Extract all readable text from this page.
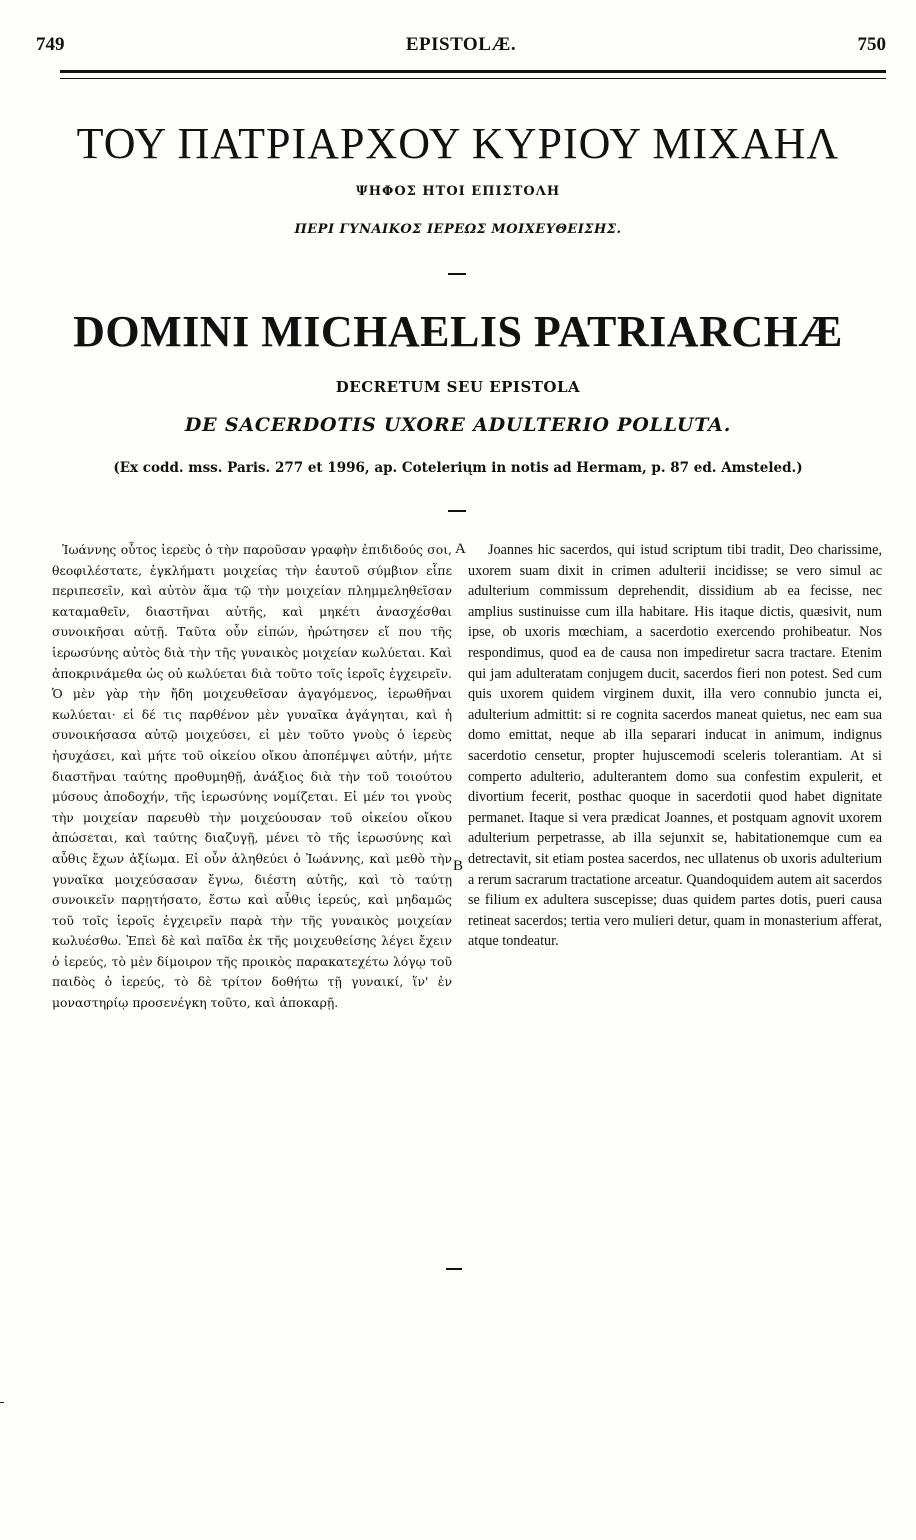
749	EPISTOLÆ.	750
ΤΟΥ ΠΑΤΡΙΑΡΧΟΥ ΚΥΡΙΟΥ ΜΙΧΑΗΛ
ΨΗΦΟΣ ΗΤΟΙ ΕΠΙΣΤΟΛΗ
ΠΕΡΙ ΓΥΝΑΙΚΟΣ ΙΕΡΕΩΣ ΜΟΙΧΕΥΘΕΙΣΗΣ.
DOMINI MICHAELIS PATRIARCHÆ
DECRETUM SEU EPISTOLA
DE SACERDOTIS UXORE ADULTERIO POLLUTA.
(Ex codd. mss. Paris. 277 et 1996, ap. Coteleriųm in notis ad Hermam, p. 87 ed. Amsteled.)

Ἰωάννης οὗτος ἱερεὺς ὁ τὴν παροῦσαν γραφὴν ἐπιδιδούς σοι, θεοφιλέστατε, ἐγκλήματι μοιχείας τὴν ἑαυτοῦ σύμβιον εἶπε περιπεσεῖν, καὶ αὐτὸν ἅμα τῷ τὴν μοιχείαν πλημμεληθεῖσαν καταμαθεῖν, διαστῆναι αὐτῆς, καὶ μηκέτι ἀνασχέσθαι συνοικῆσαι αὐτῇ. Ταῦτα οὖν εἰπών, ἠρώτησεν εἴ που τῆς ἱερωσύνης αὐτὸς διὰ τὴν τῆς γυναικὸς μοιχείαν κωλύεται. Καὶ ἀποκρινάμεθα ὡς οὐ κωλύεται διὰ τοῦτο τοῖς ἱεροῖς ἐγχειρεῖν. Ὁ μὲν γὰρ τὴν ἤδη μοιχευθεῖσαν ἀγαγόμενος, ἱερωθῆναι κωλύεται· εἰ δέ τις παρθένον μὲν γυναῖκα ἀγάγηται, καὶ ἡ συνοικήσασα αὐτῷ μοιχεύσει, εἰ μὲν τοῦτο γνοὺς ὁ ἱερεὺς ἡσυχάσει, καὶ μήτε τοῦ οἰκείου οἴκου ἀποπέμψει αὐτήν, μήτε διαστῆναι ταύτης προθυμηθῇ, ἀνάξιος διὰ τὴν τοῦ τοιούτου μύσους ἀποδοχήν, τῆς ἱερωσύνης νομίζεται. Εἰ μέν τοι γνοὺς τὴν μοιχείαν παρευθὺ τὴν μοιχεύουσαν τοῦ οἰκείου οἴκου ἀπώσεται, καὶ ταύτης διαζυγῇ, μένει τὸ τῆς ἱερωσύνης καὶ αὖθις ἔχων ἀξίωμα. Εἰ οὖν ἀληθεύει ὁ Ἰωάννης, καὶ μεθὸ τὴν γυναῖκα μοιχεύσασαν ἔγνω, διέστη αὐτῆς, καὶ τὸ ταύτῃ συνοικεῖν παρῃτήσατο, ἔστω καὶ αὖθις ἱερεύς, καὶ μηδαμῶς τοῦ τοῖς ἱεροῖς ἐγχειρεῖν παρὰ τὴν τῆς γυναικὸς μοιχείαν κωλυέσθω. Ἐπεὶ δὲ καὶ παῖδα ἐκ τῆς μοιχευθείσης λέγει ἔχειν ὁ ἱερεύς, τὸ μὲν δίμοιρον τῆς προικὸς παρακατεχέτω λόγῳ τοῦ παιδὸς ὁ ἱερεύς, τὸ δὲ τρίτον δοθήτω τῇ γυναικί, ἵν' ἐν μοναστηρίῳ προσενέγκη τοῦτο, καὶ ἀποκαρῇ.

A
B

Joannes hic sacerdos, qui istud scriptum tibi tradit, Deo charissime, uxorem suam dixit in crimen adulterii incidisse; se vero simul ac adulterium commissum deprehendit, dissidium ab ea fecisse, nec amplius sustinuisse cum illa habitare. His itaque dictis, quæsivit, num ipse, ob uxoris mœchiam, a sacerdotio exercendo prohibeatur. Nos respondimus, quod ea de causa non impediretur sacra tractare. Etenim qui jam adulteratam conjugem ducit, sacerdos fieri non potest. Sed cum quis uxorem quidem virginem duxit, illa vero connubio juncta ei, adulterium admittit: si re cognita sacerdos maneat quietus, nec eam sua domo emittat, neque ab illa separari inducat in animum, indignus sacerdotio censetur, propter hujuscemodi sceleris tolerantiam. At si comperto adulterio, adulterantem domo sua confestim expulerit, et divortium fecerit, posthac quoque in sacerdotii quod habet dignitate permanet. Itaque si vera prædicat Joannes, et postquam agnovit uxorem adulterium perpetrasse, ab illa sejunxit se, habitationemque cum ea detrectavit, sit etiam postea sacerdos, nec ullatenus ob uxoris adulterium a rerum sacrarum tractatione arceatur. Quandoquidem autem ait sacerdos se filium ex adultera suscepisse; duas quidem partes dotis, pueri causa retineat sacerdos; tertia vero mulieri detur, quam in monasterium afferat, atque tondeatur.
